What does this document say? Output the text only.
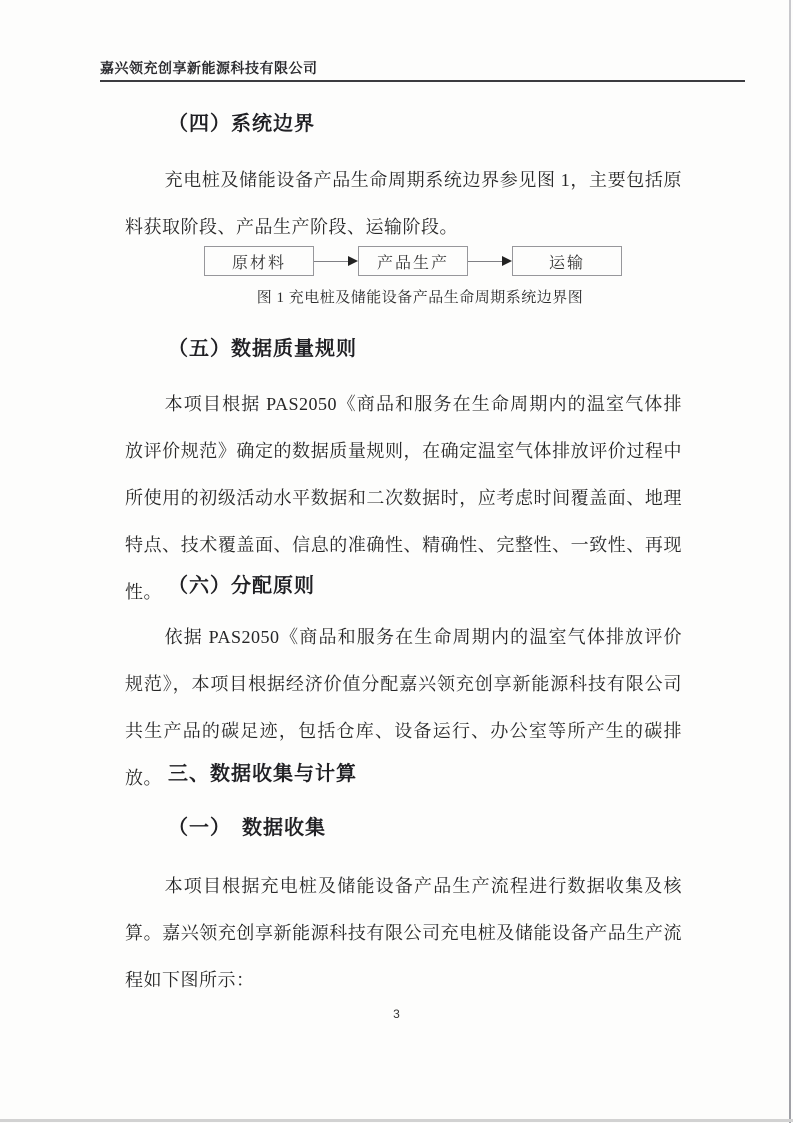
嘉兴领充创享新能源科技有限公司
（四）系统边界
充电桩及储能设备产品生命周期系统边界参见图 1，主要包括原料获取阶段、产品生产阶段、运输阶段。
原材料	产品生产	运输
图 1 充电桩及储能设备产品生命周期系统边界图
（五）数据质量规则
本项目根据 PAS2050《商品和服务在生命周期内的温室气体排放评价规范》确定的数据质量规则，在确定温室气体排放评价过程中所使用的初级活动水平数据和二次数据时，应考虑时间覆盖面、地理特点、技术覆盖面、信息的准确性、精确性、完整性、一致性、再现性。 （六）分配原则
依据 PAS2050《商品和服务在生命周期内的温室气体排放评价规范》，本项目根据经济价值分配嘉兴领充创享新能源科技有限公司共生产品的碳足迹，包括仓库、设备运行、办公室等所产生的碳排放。 三、数据收集与计算
（一）　数据收集
本项目根据充电桩及储能设备产品生产流程进行数据收集及核算。嘉兴领充创享新能源科技有限公司充电桩及储能设备产品生产流程如下图所示：
3
